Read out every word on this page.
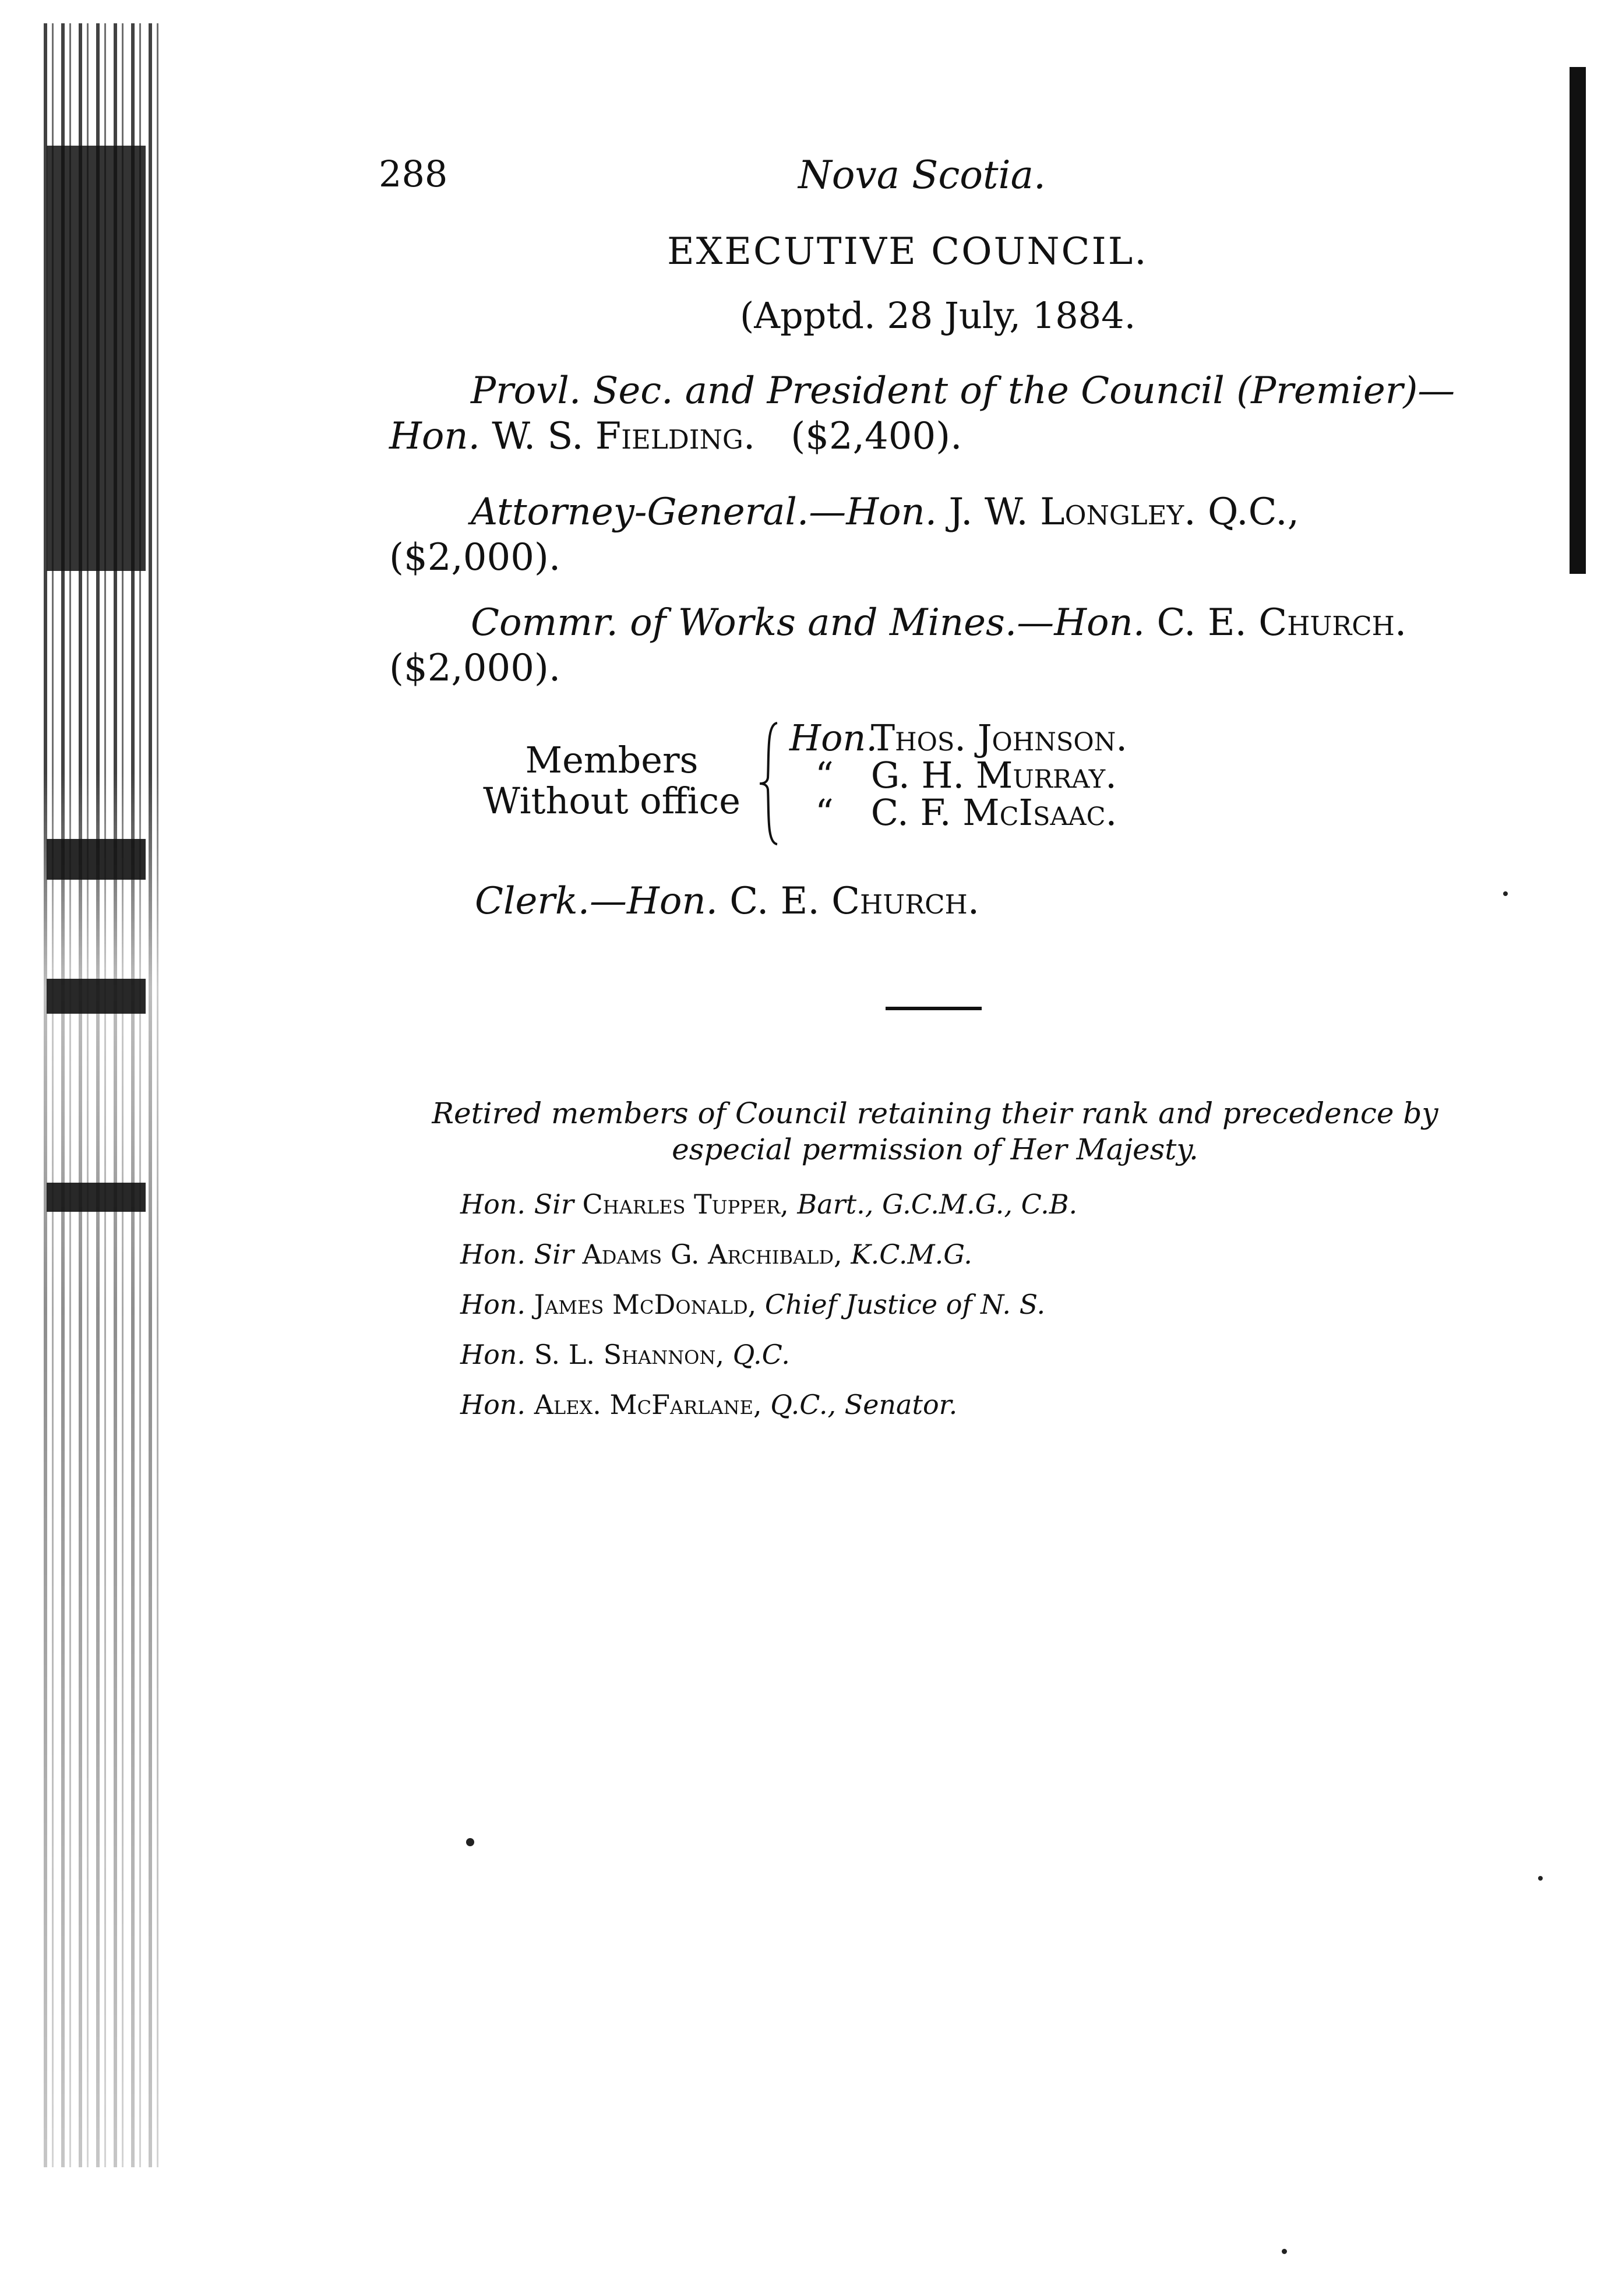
288	Nova Scotia.
EXECUTIVE COUNCIL.
(Apptd. 28 July, 1884.
Provl. Sec. and President of the Council (Premier)—
Hon. W. S. Fielding. ($2,400).
Attorney-General.—Hon. J. W. Longley. Q.C.,
($2,000).
Commr. of Works and Mines.—Hon. C. E. Church.
($2,000).
Members
Without office
Hon. Thos. Johnson.
“ G. H. Murray.
“ C. F. McIsaac.
Clerk.—Hon. C. E. Church.
Retired members of Council retaining their rank and precedence by
especial permission of Her Majesty.
Hon. Sir Charles Tupper, Bart., G.C.M.G., C.B.
Hon. Sir Adams G. Archibald, K.C.M.G.
Hon. James McDonald, Chief Justice of N. S.
Hon. S. L. Shannon, Q.C.
Hon. Alex. McFarlane, Q.C., Senator.
